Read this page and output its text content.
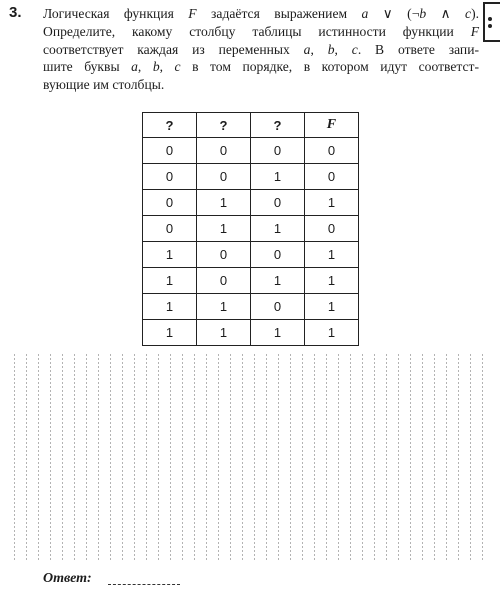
3. Логическая функция F задаётся выражением a ∨ (¬b ∧ c).
Определите, какому столбцу таблицы истинности функции F
соответствует каждая из переменных a, b, c. В ответе запи-
шите буквы a, b, c в том порядке, в котором идут соответст-
вующие им столбцы.
?	?	?	F
0	0	0	0
0	0	1	0
0	1	0	1
0	1	1	0
1	0	0	1
1	0	1	1
1	1	0	1
1	1	1	1
Ответ:
